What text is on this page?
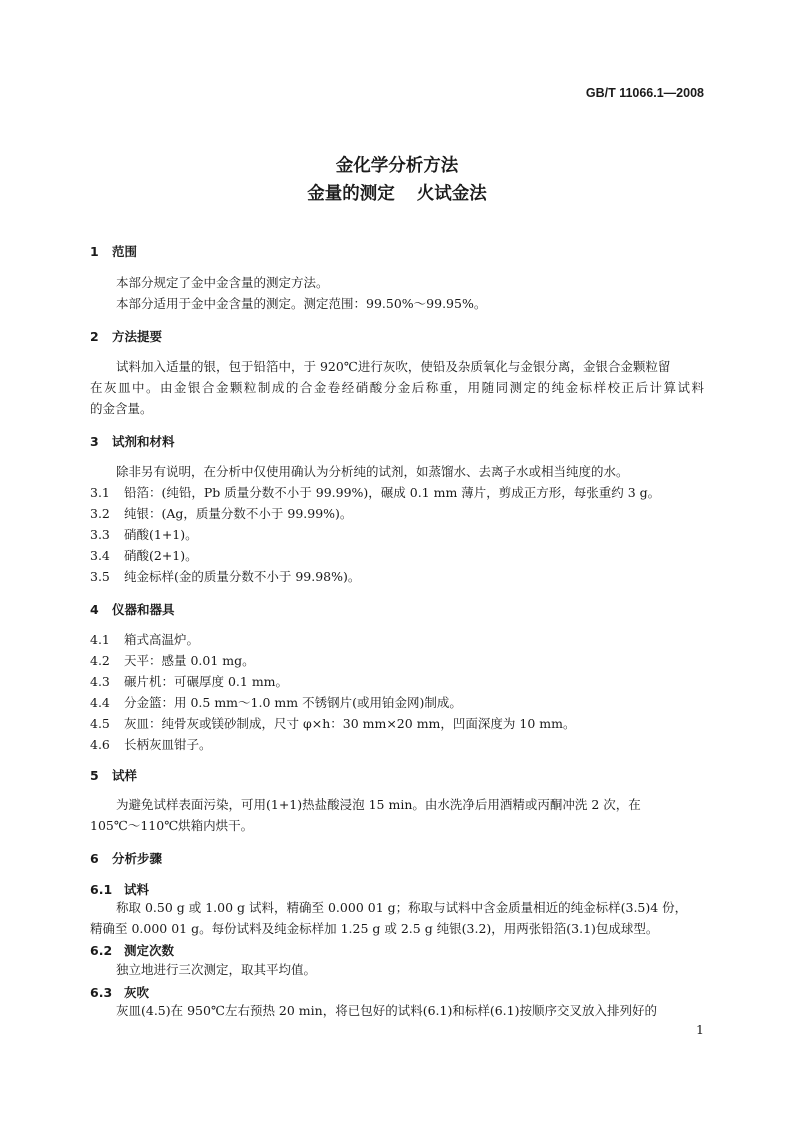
GB/T 11066.1—2008
金化学分析方法
金量的测定 火试金法
1 范围
本部分规定了金中金含量的测定方法。
本部分适用于金中金含量的测定。测定范围：99.50%～99.95%。
2 方法提要
试料加入适量的银，包于铅箔中，于 920℃进行灰吹，使铅及杂质氧化与金银分离，金银合金颗粒留
在灰皿中。由金银合金颗粒制成的合金卷经硝酸分金后称重，用随同测定的纯金标样校正后计算试料
的金含量。
3 试剂和材料
除非另有说明，在分析中仅使用确认为分析纯的试剂，如蒸馏水、去离子水或相当纯度的水。
3.1 铅箔：(纯铅，Pb 质量分数不小于 99.99%)，碾成 0.1 mm 薄片，剪成正方形，每张重约 3 g。
3.2 纯银：(Ag，质量分数不小于 99.99%)。
3.3 硝酸(1+1)。
3.4 硝酸(2+1)。
3.5 纯金标样(金的质量分数不小于 99.98%)。
4 仪器和器具
4.1 箱式高温炉。
4.2 天平：感量 0.01 mg。
4.3 碾片机：可碾厚度 0.1 mm。
4.4 分金篮：用 0.5 mm～1.0 mm 不锈钢片(或用铂金网)制成。
4.5 灰皿：纯骨灰或镁砂制成，尺寸 φ×h：30 mm×20 mm，凹面深度为 10 mm。
4.6 长柄灰皿钳子。
5 试样
为避免试样表面污染，可用(1+1)热盐酸浸泡 15 min。由水洗净后用酒精或丙酮冲洗 2 次，在
105℃～110℃烘箱内烘干。
6 分析步骤
6.1 试料
称取 0.50 g 或 1.00 g 试料，精确至 0.000 01 g；称取与试料中含金质量相近的纯金标样(3.5)4 份，
精确至 0.000 01 g。每份试料及纯金标样加 1.25 g 或 2.5 g 纯银(3.2)，用两张铅箔(3.1)包成球型。
6.2 测定次数
独立地进行三次测定，取其平均值。
6.3 灰吹
灰皿(4.5)在 950℃左右预热 20 min，将已包好的试料(6.1)和标样(6.1)按顺序交叉放入排列好的
1
